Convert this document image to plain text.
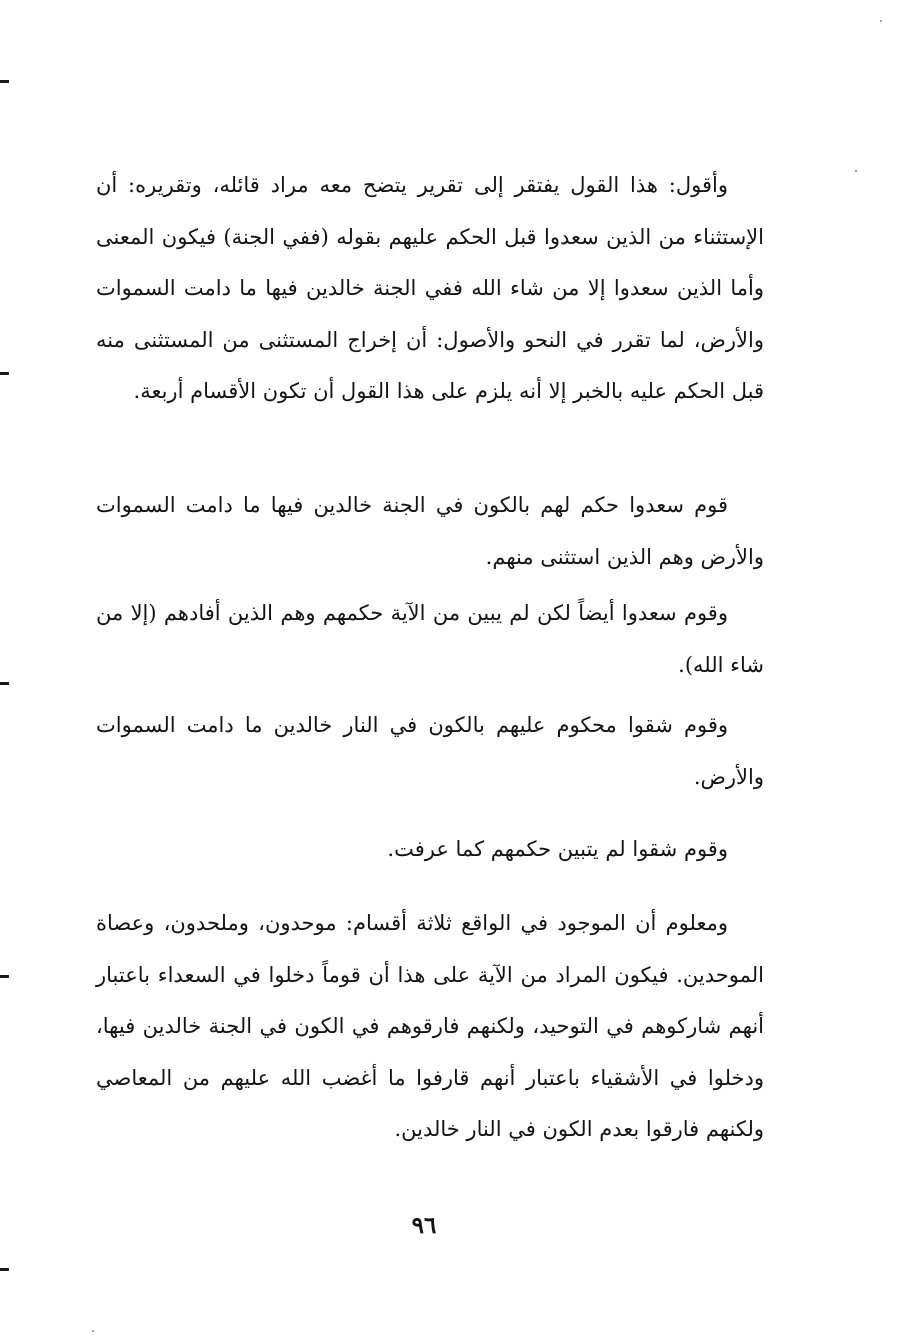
وأقول: هذا القول يفتقر إلى تقرير يتضح معه مراد قائله، وتقريره: أن الإستثناء من الذين سعدوا قبل الحكم عليهم بقوله (ففي الجنة) فيكون المعنى وأما الذين سعدوا إلا من شاء الله ففي الجنة خالدين فيها ما دامت السموات والأرض، لما تقرر في النحو والأصول: أن إخراج المستثنى من المستثنى منه قبل الحكم عليه بالخبر إلا أنه يلزم على هذا القول أن تكون الأقسام أربعة.

قوم سعدوا حكم لهم بالكون في الجنة خالدين فيها ما دامت السموات والأرض وهم الذين استثنى منهم.

وقوم سعدوا أيضاً لكن لم يبين من الآية حكمهم وهم الذين أفادهم (إلا من شاء الله).

وقوم شقوا محكوم عليهم بالكون في النار خالدين ما دامت السموات والأرض.

وقوم شقوا لم يتبين حكمهم كما عرفت.

ومعلوم أن الموجود في الواقع ثلاثة أقسام: موحدون، وملحدون، وعصاة الموحدين. فيكون المراد من الآية على هذا أن قوماً دخلوا في السعداء باعتبار أنهم شاركوهم في التوحيد، ولكنهم فارقوهم في الكون في الجنة خالدين فيها، ودخلوا في الأشقياء باعتبار أنهم قارفوا ما أغضب الله عليهم من المعاصي ولكنهم فارقوا بعدم الكون في النار خالدين.

٩٦
